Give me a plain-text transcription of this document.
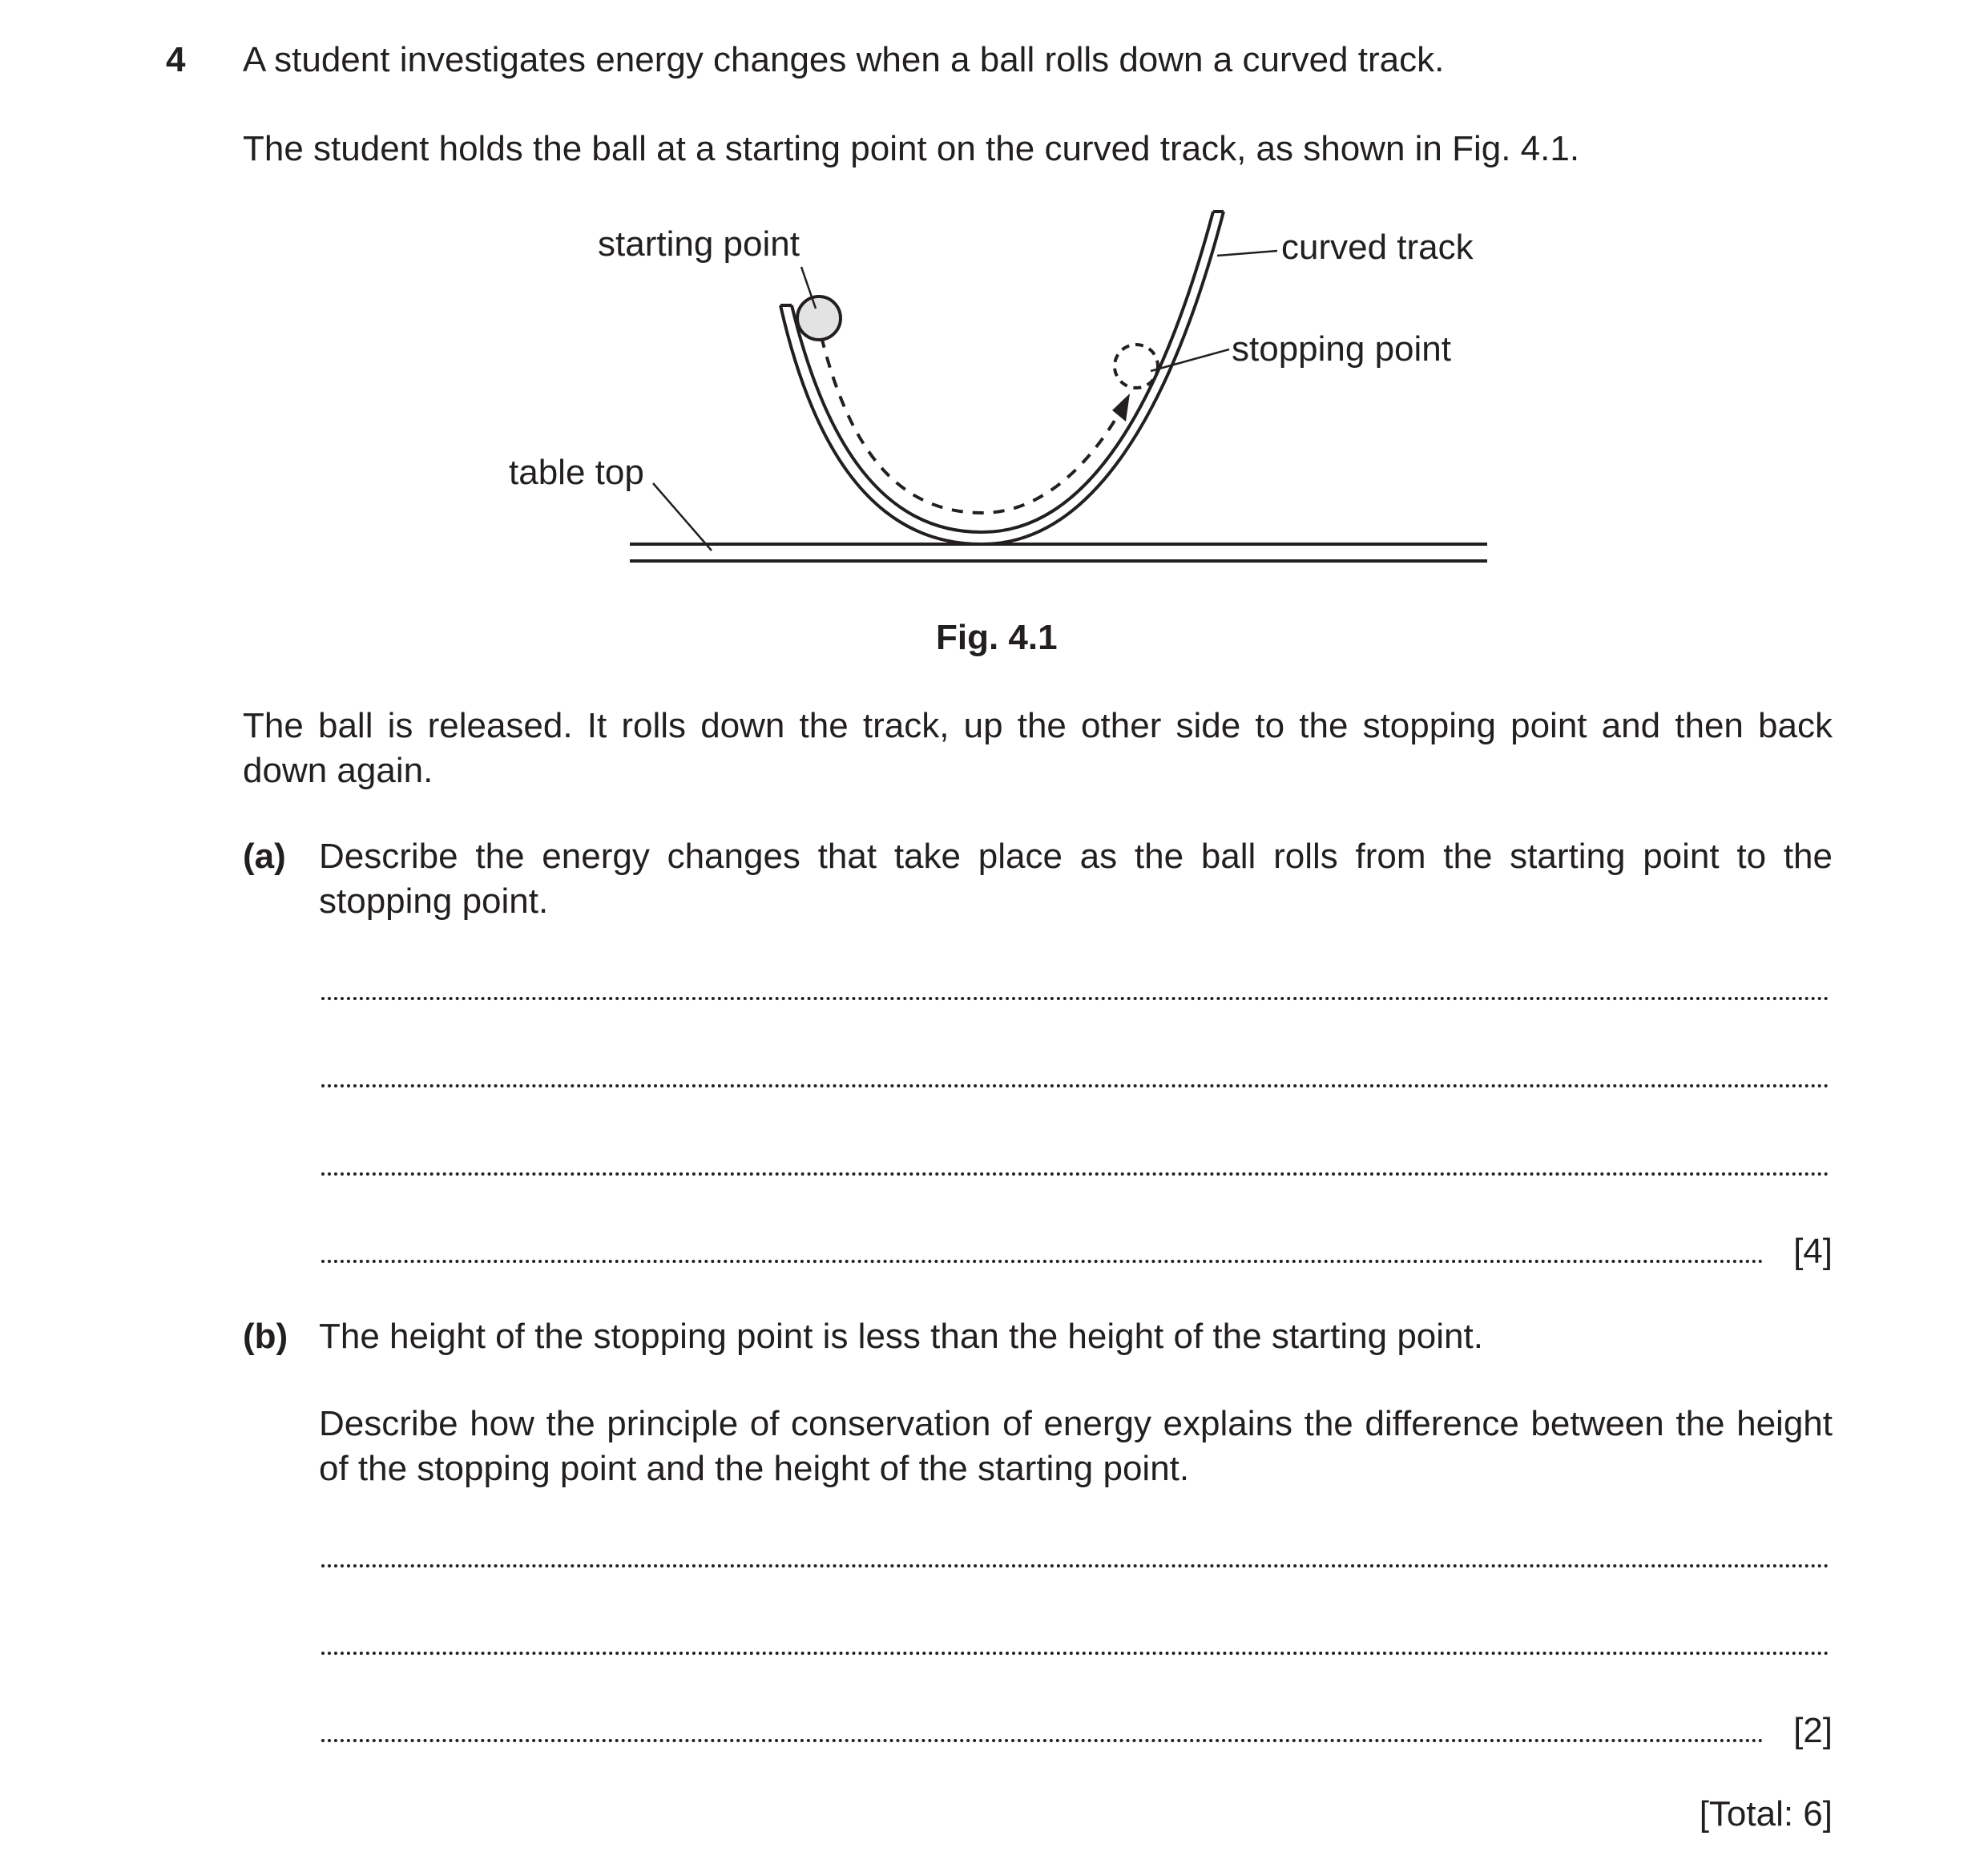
4 A student investigates energy changes when a ball rolls down a curved track.
The student holds the ball at a starting point on the curved track, as shown in Fig. 4.1.
starting point	curved track
stopping point
table top
Fig. 4.1
The ball is released. It rolls down the track, up the other side to the stopping point and then back down again.
(a) Describe the energy changes that take place as the ball rolls from the starting point to the stopping point.
[4]
(b) The height of the stopping point is less than the height of the starting point.
Describe how the principle of conservation of energy explains the difference between the height of the stopping point and the height of the starting point.
[2]
[Total: 6]
